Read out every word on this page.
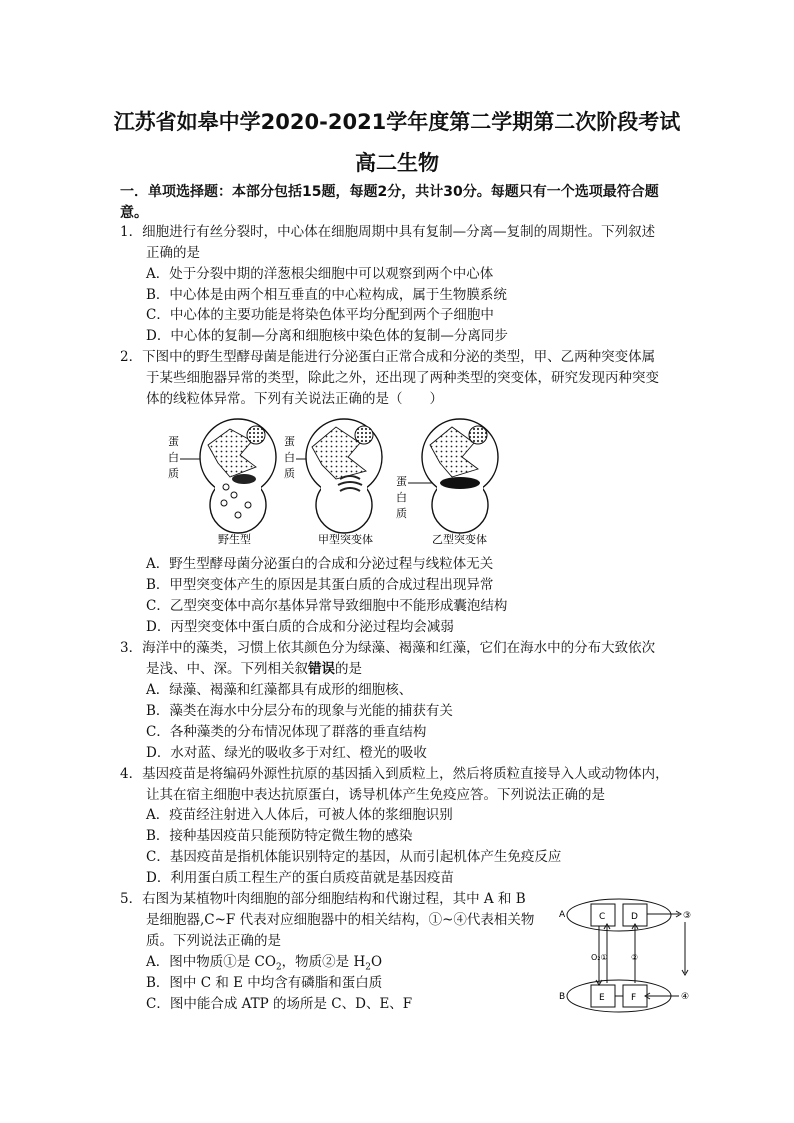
江苏省如皋中学2020-2021学年度第二学期第二次阶段考试
高二生物
一．单项选择题：本部分包括15题，每题2分，共计30分。每题只有一个选项最符合题
意。
1．细胞进行有丝分裂时，中心体在细胞周期中具有复制—分离—复制的周期性。下列叙述
正确的是
A．处于分裂中期的洋葱根尖细胞中可以观察到两个中心体
B．中心体是由两个相互垂直的中心粒构成，属于生物膜系统
C．中心体的主要功能是将染色体平均分配到两个子细胞中
D．中心体的复制—分离和细胞核中染色体的复制—分离同步
2．下图中的野生型酵母菌是能进行分泌蛋白正常合成和分泌的类型，甲、乙两种突变体属
于某些细胞器异常的类型，除此之外，还出现了两种类型的突变体，研究发现丙种突变
体的线粒体异常。下列有关说法正确的是（　　）
蛋
白
质
蛋
白
质
蛋
白
质
野生型	甲型突变体	乙型突变体
A．野生型酵母菌分泌蛋白的合成和分泌过程与线粒体无关
B．甲型突变体产生的原因是其蛋白质的合成过程出现异常
C．乙型突变体中高尔基体异常导致细胞中不能形成囊泡结构
D．丙型突变体中蛋白质的合成和分泌过程均会减弱
3．海洋中的藻类，习惯上依其颜色分为绿藻、褐藻和红藻，它们在海水中的分布大致依次
是浅、中、深。下列相关叙错误的是
A．绿藻、褐藻和红藻都具有成形的细胞核、
B．藻类在海水中分层分布的现象与光能的捕获有关
C．各种藻类的分布情况体现了群落的垂直结构
D．水对蓝、绿光的吸收多于对红、橙光的吸收
4．基因疫苗是将编码外源性抗原的基因插入到质粒上，然后将质粒直接导入人或动物体内，
让其在宿主细胞中表达抗原蛋白，诱导机体产生免疫应答。下列说法正确的是
A．疫苗经注射进入人体后，可被人体的浆细胞识别
B．接种基因疫苗只能预防特定微生物的感染
C．基因疫苗是指机体能识别特定的基因，从而引起机体产生免疫反应
D．利用蛋白质工程生产的蛋白质疫苗就是基因疫苗
5．右图为某植物叶肉细胞的部分细胞结构和代谢过程，其中 A 和 B
是细胞器,C~F 代表对应细胞器中的相关结构，①~④代表相关物
质。下列说法正确的是
A．图中物质①是 $CO_2$，物质②是 $H_2O$
B．图中 C 和 E 中均含有磷脂和蛋白质
C．图中能合成 ATP 的场所是 C、D、E、F
A	C	D	③
B	E	F
O₂①	②
④
